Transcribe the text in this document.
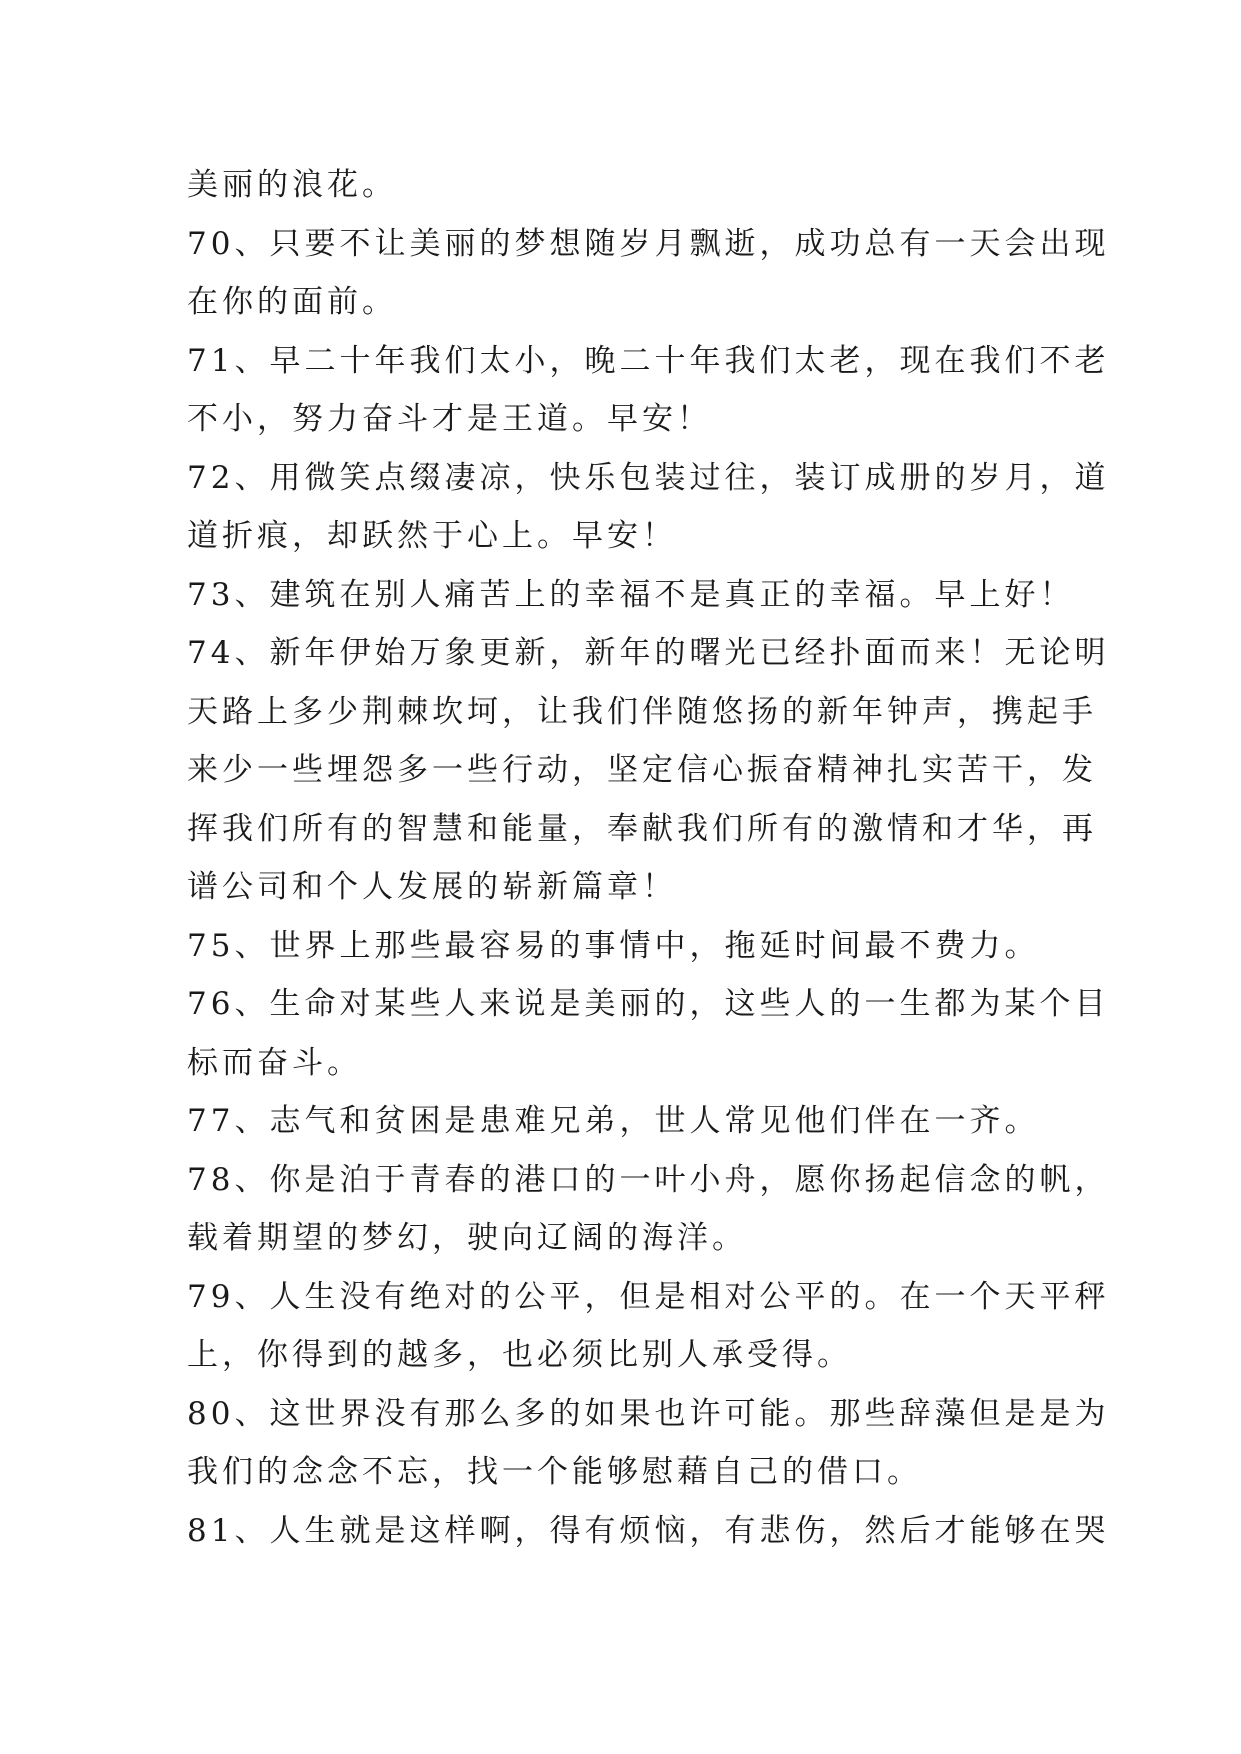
美丽的浪花。
70、只要不让美丽的梦想随岁月飘逝，成功总有一天会出现
在你的面前。
71、早二十年我们太小，晚二十年我们太老，现在我们不老
不小，努力奋斗才是王道。早安！
72、用微笑点缀凄凉，快乐包装过往，装订成册的岁月，道
道折痕，却跃然于心上。早安！
73、建筑在别人痛苦上的幸福不是真正的幸福。早上好！
74、新年伊始万象更新，新年的曙光已经扑面而来！无论明
天路上多少荆棘坎坷，让我们伴随悠扬的新年钟声，携起手
来少一些埋怨多一些行动，坚定信心振奋精神扎实苦干，发
挥我们所有的智慧和能量，奉献我们所有的激情和才华，再
谱公司和个人发展的崭新篇章！
75、世界上那些最容易的事情中，拖延时间最不费力。
76、生命对某些人来说是美丽的，这些人的一生都为某个目
标而奋斗。
77、志气和贫困是患难兄弟，世人常见他们伴在一齐。
78、你是泊于青春的港口的一叶小舟，愿你扬起信念的帆，
载着期望的梦幻，驶向辽阔的海洋。
79、人生没有绝对的公平，但是相对公平的。在一个天平秤
上，你得到的越多，也必须比别人承受得。
80、这世界没有那么多的如果也许可能。那些辞藻但是是为
我们的念念不忘，找一个能够慰藉自己的借口。
81、人生就是这样啊，得有烦恼，有悲伤，然后才能够在哭
